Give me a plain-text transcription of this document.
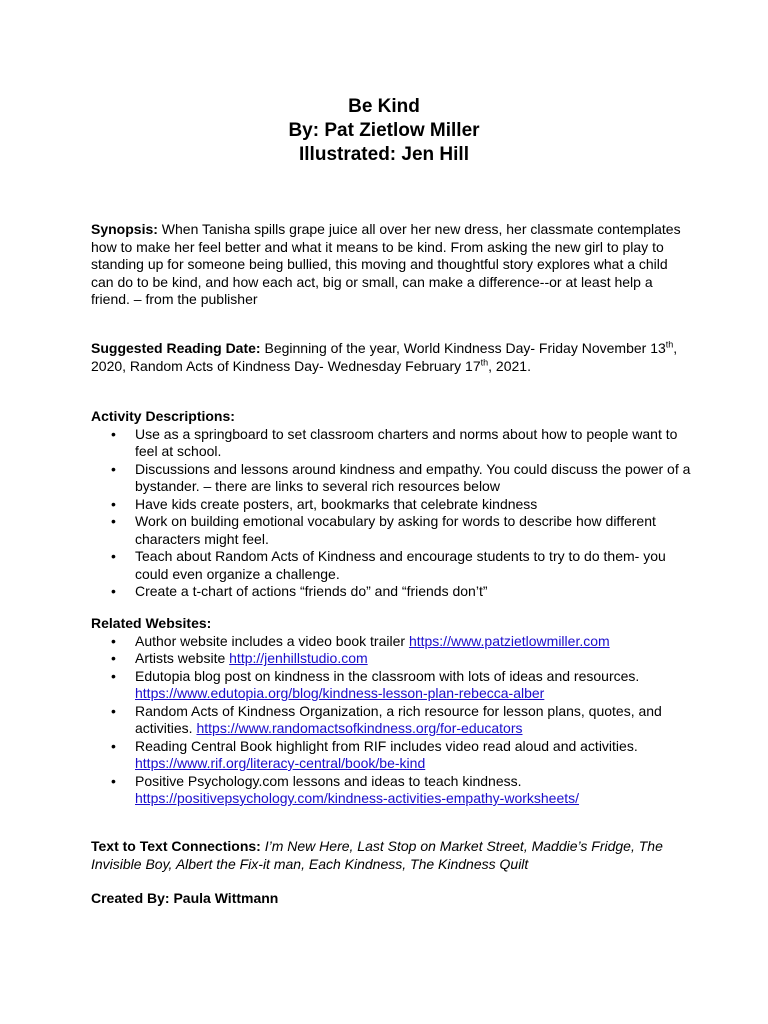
Be Kind
By: Pat Zietlow Miller
Illustrated: Jen Hill
Synopsis: When Tanisha spills grape juice all over her new dress, her classmate contemplates how to make her feel better and what it means to be kind. From asking the new girl to play to standing up for someone being bullied, this moving and thoughtful story explores what a child can do to be kind, and how each act, big or small, can make a difference--or at least help a friend. – from the publisher
Suggested Reading Date: Beginning of the year, World Kindness Day- Friday November 13th, 2020, Random Acts of Kindness Day- Wednesday February 17th, 2021.
Activity Descriptions:
• Use as a springboard to set classroom charters and norms about how to people want to feel at school.
• Discussions and lessons around kindness and empathy. You could discuss the power of a bystander. – there are links to several rich resources below
• Have kids create posters, art, bookmarks that celebrate kindness
• Work on building emotional vocabulary by asking for words to describe how different characters might feel.
• Teach about Random Acts of Kindness and encourage students to try to do them- you could even organize a challenge.
• Create a t-chart of actions “friends do” and “friends don’t”
Related Websites:
• Author website includes a video book trailer https://www.patzietlowmiller.com
• Artists website http://jenhillstudio.com
• Edutopia blog post on kindness in the classroom with lots of ideas and resources. https://www.edutopia.org/blog/kindness-lesson-plan-rebecca-alber
• Random Acts of Kindness Organization, a rich resource for lesson plans, quotes, and activities. https://www.randomactsofkindness.org/for-educators
• Reading Central Book highlight from RIF includes video read aloud and activities. https://www.rif.org/literacy-central/book/be-kind
• Positive Psychology.com lessons and ideas to teach kindness. https://positivepsychology.com/kindness-activities-empathy-worksheets/
Text to Text Connections: I’m New Here, Last Stop on Market Street, Maddie’s Fridge, The Invisible Boy, Albert the Fix-it man, Each Kindness, The Kindness Quilt
Created By: Paula Wittmann
